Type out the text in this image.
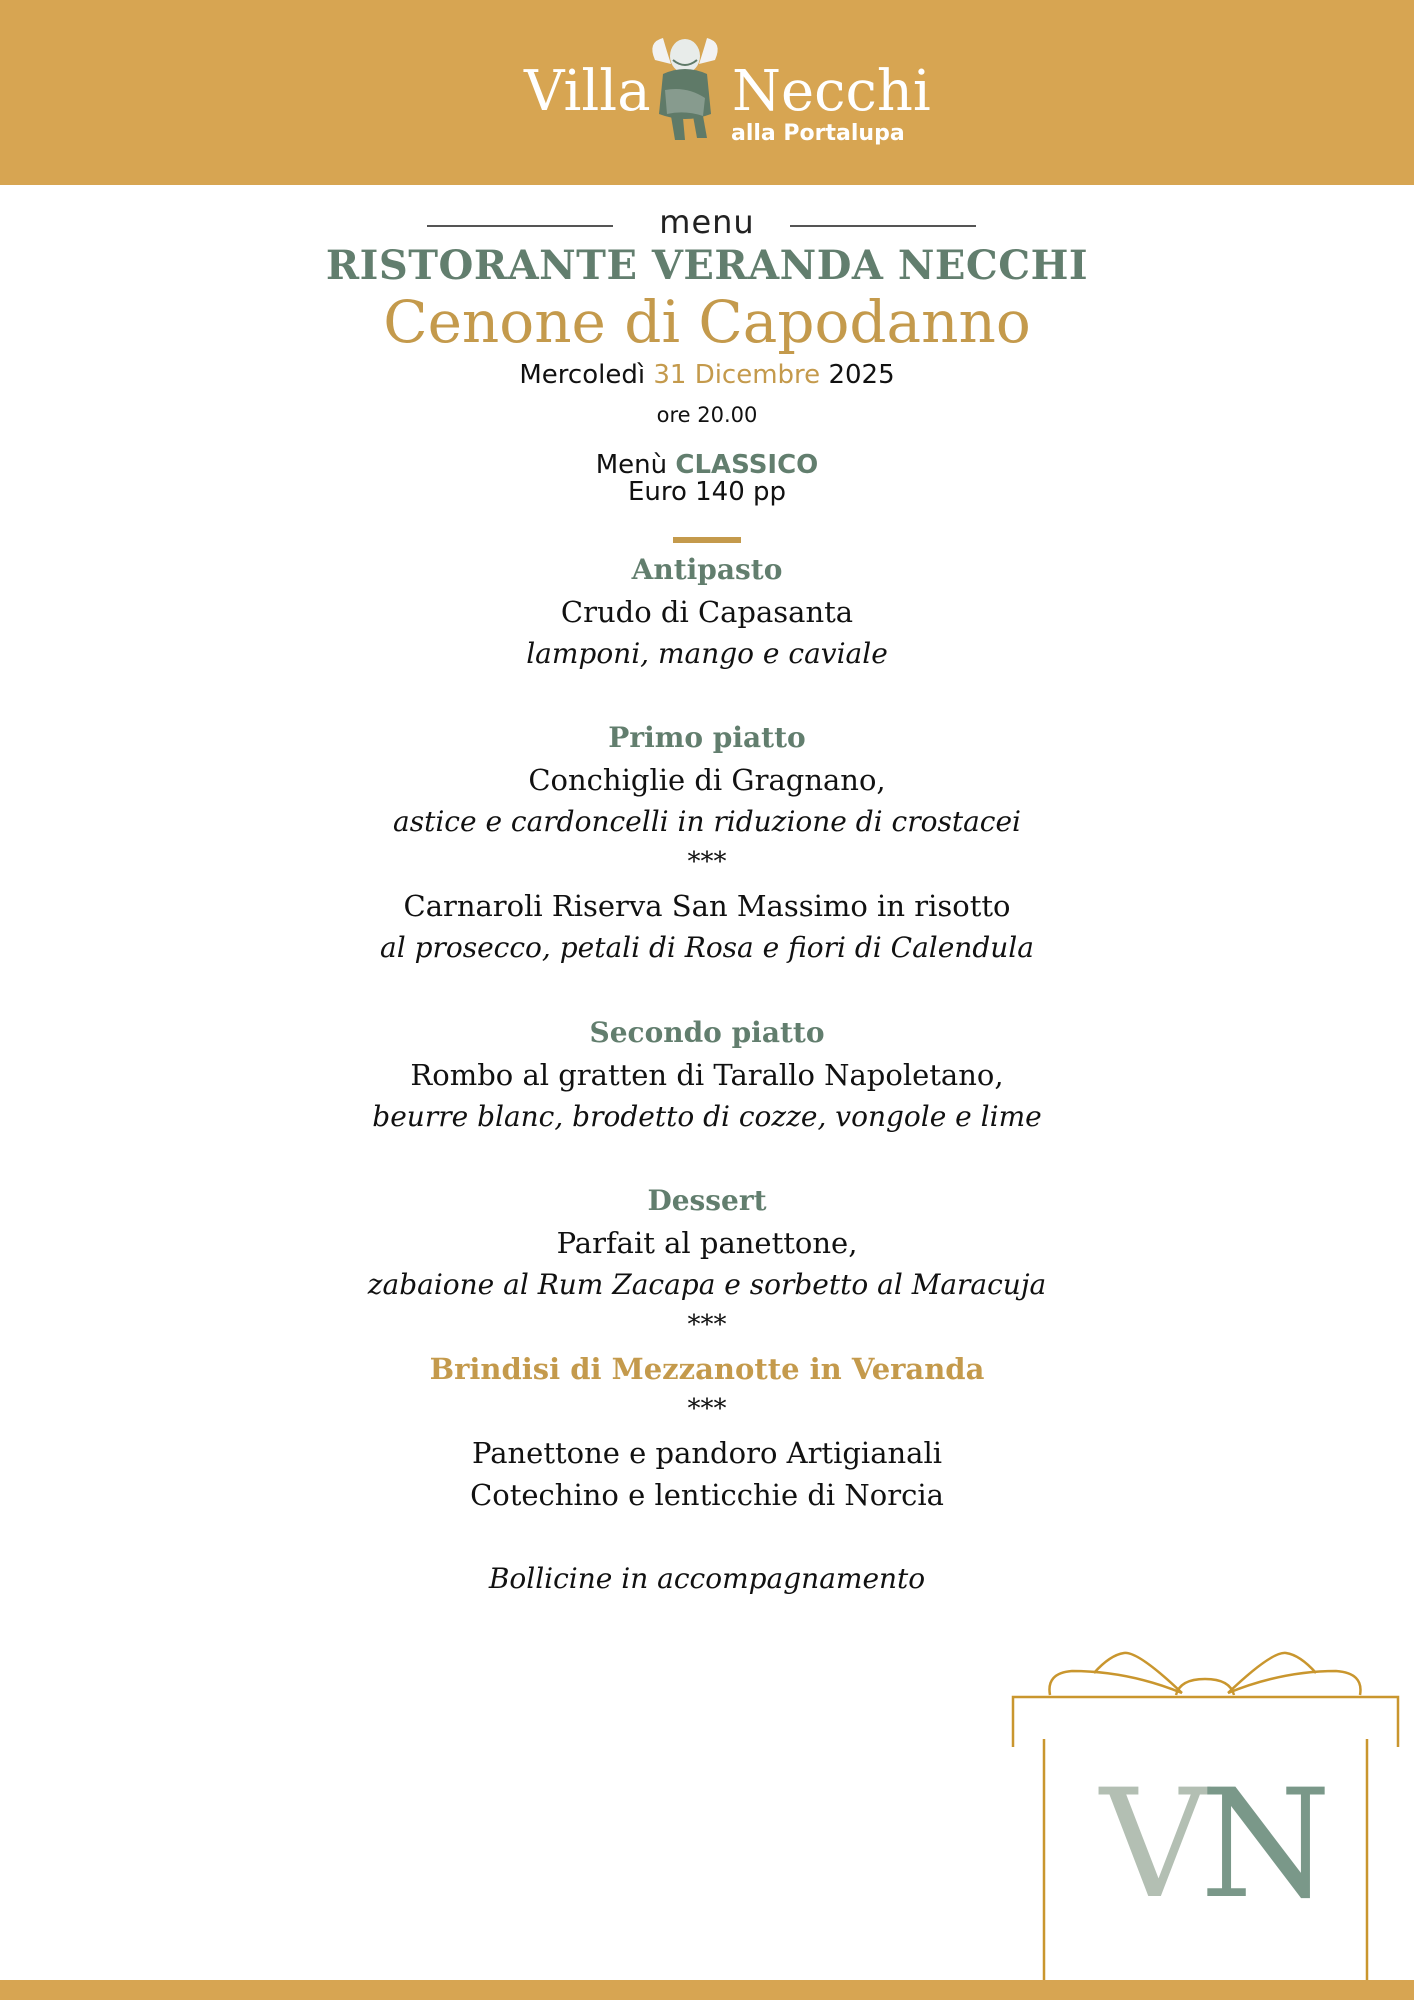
Villa Necchi
alla Portalupa
menu
RISTORANTE VERANDA NECCHI
Cenone di Capodanno
Mercoledì 31 Dicembre 2025
ore 20.00
Menù CLASSICO
Euro 140 pp
Antipasto
Crudo di Capasanta
lamponi, mango e caviale
Primo piatto
Conchiglie di Gragnano,
astice e cardoncelli in riduzione di crostacei
***
Carnaroli Riserva San Massimo in risotto
al prosecco, petali di Rosa e fiori di Calendula
Secondo piatto
Rombo al gratten di Tarallo Napoletano,
beurre blanc, brodetto di cozze, vongole e lime
Dessert
Parfait al panettone,
zabaione al Rum Zacapa e sorbetto al Maracuja
***
Brindisi di Mezzanotte in Veranda
***
Panettone e pandoro Artigianali
Cotechino e lenticchie di Norcia
Bollicine in accompagnamento
V
N
